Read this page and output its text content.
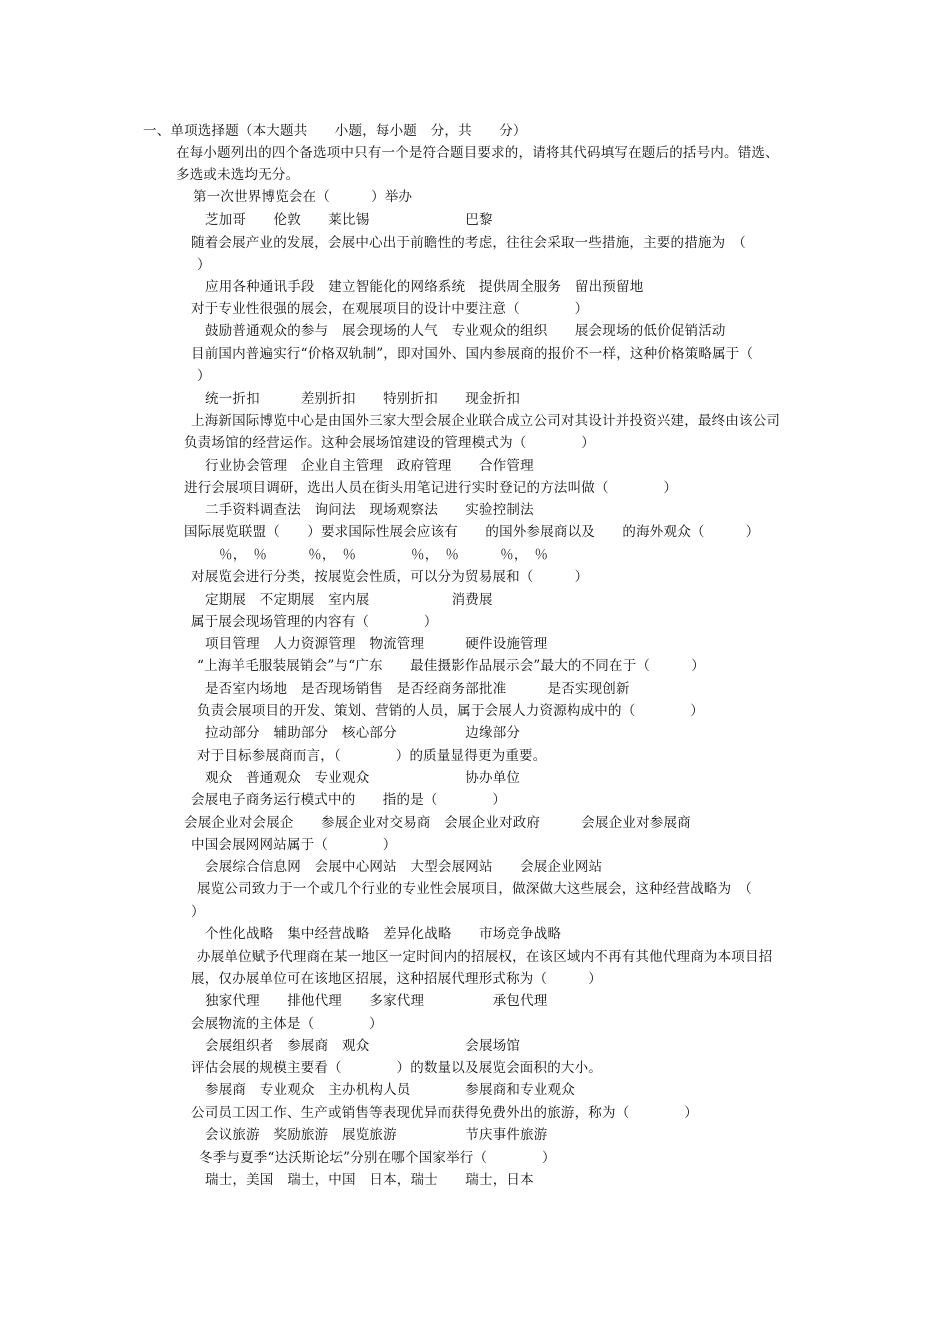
一、单项选择题（本大题共　　小题，每小题　分，共　　分）
在每小题列出的四个备选项中只有一个是符合题目要求的，请将其代码填写在题后的括号内。错选、
多选或未选均无分。
第一次世界博览会在（　　　）举办
芝加哥　　伦敦　　莱比锡　　　　　　　巴黎
随着会展产业的发展，会展中心出于前瞻性的考虑，往往会采取一些措施，主要的措施为　（
）
应用各种通讯手段　建立智能化的网络系统　提供周全服务　留出预留地
对于专业性很强的展会，在观展项目的设计中要注意（　　　　）
鼓励普通观众的参与　展会现场的人气　专业观众的组织　　展会现场的低价促销活动
目前国内普遍实行“价格双轨制”，即对国外、国内参展商的报价不一样，这种价格策略属于（
）
统一折扣　　　差别折扣　　特别折扣　　现金折扣
上海新国际博览中心是由国外三家大型会展企业联合成立公司对其设计并投资兴建，最终由该公司
负责场馆的经营运作。这种会展场馆建设的管理模式为（　　　　）
行业协会管理　企业自主管理　政府管理　　合作管理
进行会展项目调研，选出人员在街头用笔记进行实时登记的方法叫做（　　　　）
二手资料调查法　询问法　现场观察法　　实验控制法
国际展览联盟（　　）要求国际性展会应该有　　的国外参展商以及　　的海外观众（　　　）
％，　％　　　％，　％　　　　％，　％　　　％，　％
对展览会进行分类，按展览会性质，可以分为贸易展和（　　　）
定期展　不定期展　室内展　　　　　　消费展
属于展会现场管理的内容有（　　　　）
项目管理　人力资源管理　物流管理　　　硬件设施管理
“上海羊毛服装展销会”与“广东　　最佳摄影作品展示会”最大的不同在于（　　　）
是否室内场地　是否现场销售　是否经商务部批准　　　是否实现创新
负责会展项目的开发、策划、营销的人员，属于会展人力资源构成中的（　　　　）
拉动部分　辅助部分　核心部分　　　　　边缘部分
对于目标参展商而言，（　　　　）的质量显得更为重要。
观众　普通观众　专业观众　　　　　　　协办单位
会展电子商务运行模式中的　　指的是（　　　　）
会展企业对会展企　　参展企业对交易商　会展企业对政府　　　会展企业对参展商
中国会展网网站属于（　　　　）
会展综合信息网　会展中心网站　大型会展网站　　会展企业网站
展览公司致力于一个或几个行业的专业性会展项目，做深做大这些展会，这种经营战略为　（
）
个性化战略　集中经营战略　差异化战略　　市场竞争战略
办展单位赋予代理商在某一地区一定时间内的招展权，在该区域内不再有其他代理商为本项目招
展，仅办展单位可在该地区招展，这种招展代理形式称为（　　　）
独家代理　　排他代理　　多家代理　　　　　承包代理
会展物流的主体是（　　　　）
会展组织者　参展商　观众　　　　　　　会展场馆
评估会展的规模主要看（　　　　）的数量以及展览会面积的大小。
参展商　专业观众　主办机构人员　　　　参展商和专业观众
公司员工因工作、生产或销售等表现优异而获得免费外出的旅游，称为（　　　　）
会议旅游　奖励旅游　展览旅游　　　　　节庆事件旅游
冬季与夏季“达沃斯论坛”分别在哪个国家举行（　　　　）
瑞士，美国　瑞士，中国　日本，瑞士　　瑞士，日本
